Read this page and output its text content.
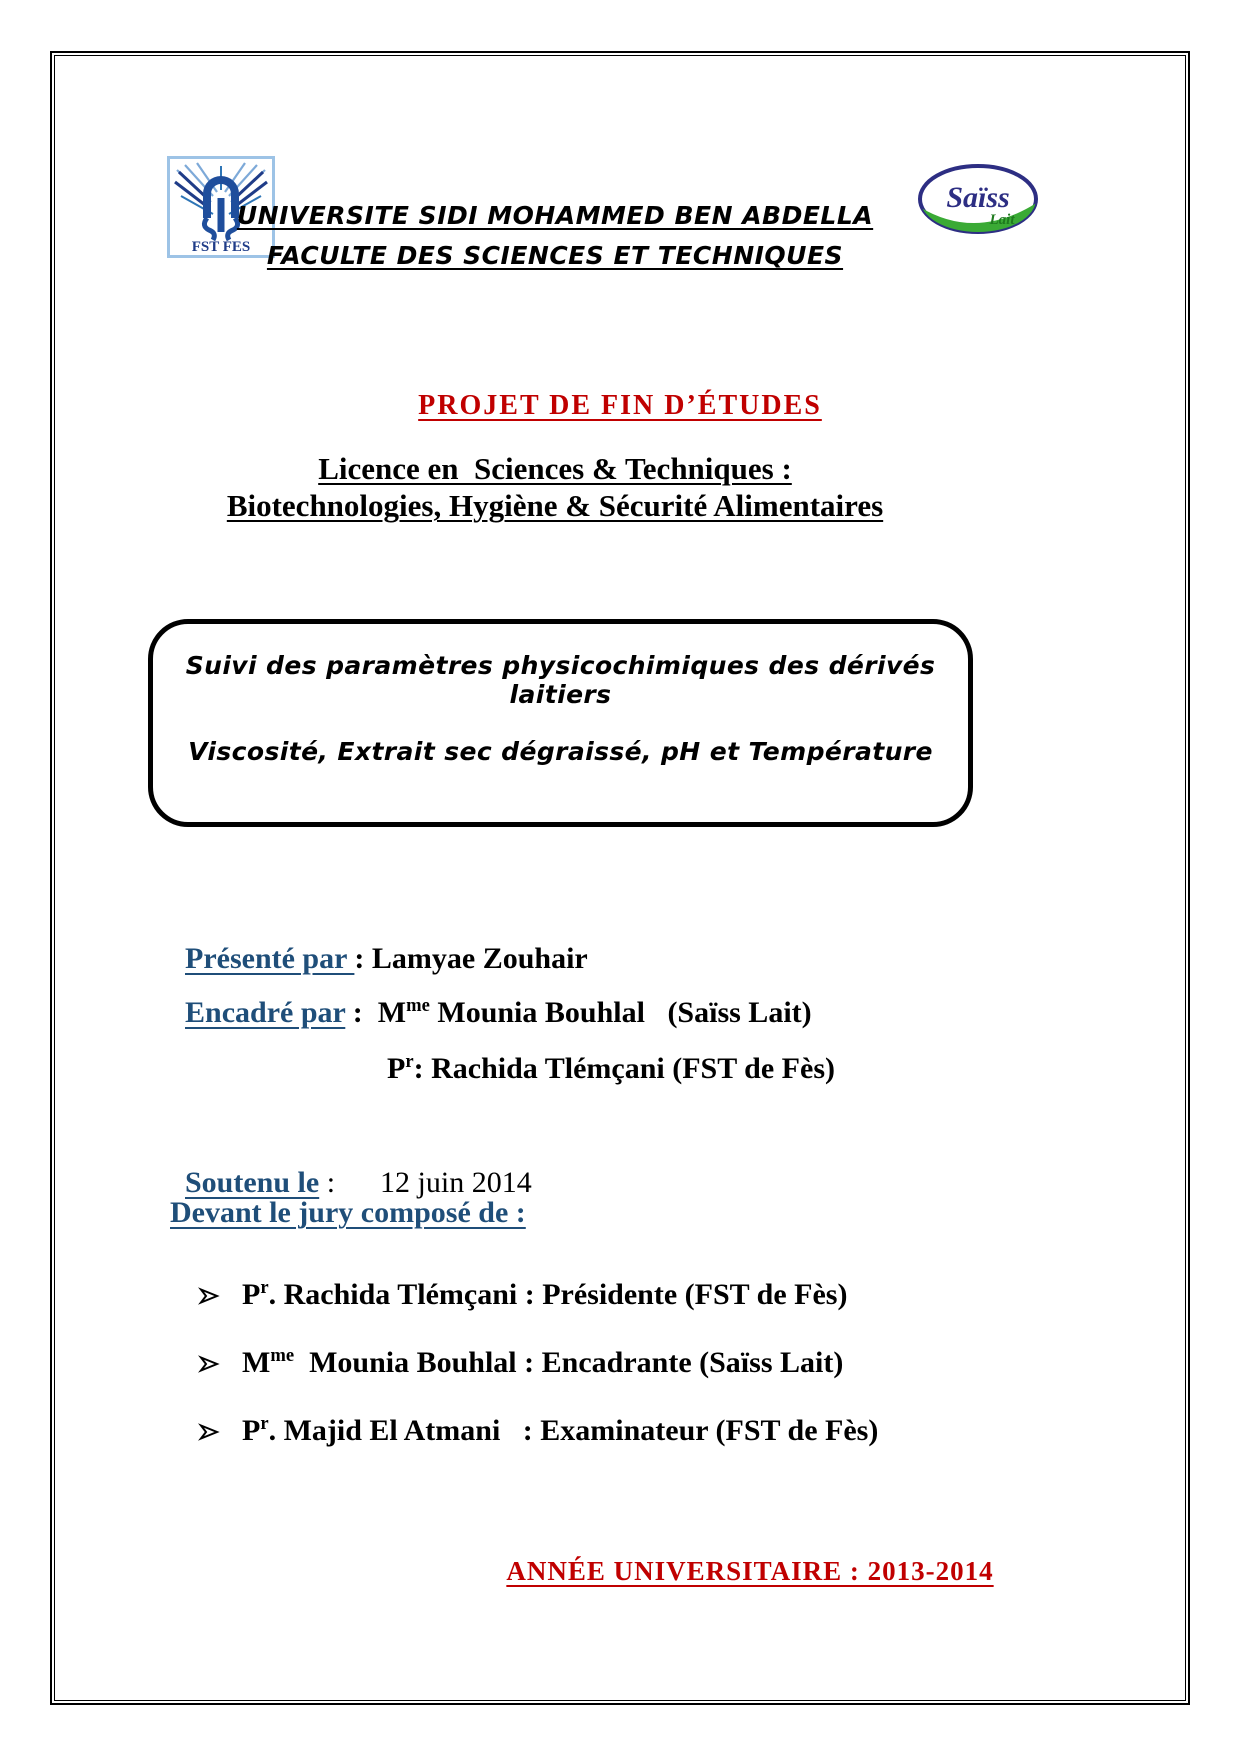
FST FES
UNIVERSITE SIDI MOHAMMED BEN ABDELLA
FACULTE DES SCIENCES ET TECHNIQUES
Saïss
Lait
PROJET DE FIN D’ÉTUDES
Licence en  Sciences & Techniques :
Biotechnologies, Hygiène & Sécurité Alimentaires
Suivi des paramètres physicochimiques des dérivés laitiers
Viscosité, Extrait sec dégraissé, pH et Température

Présenté par : Lamyae Zouhair

Encadré par :  $M^{me}$ Mounia Bouhlal   (Saïss Lait)

$P^r$: Rachida Tlémçani (FST de Fès)

Soutenu le :      12 juin 2014

Devant le jury composé de :
$P^r$. Rachida Tlémçani : Présidente (FST de Fès)
$M^{me}$  Mounia Bouhlal : Encadrante (Saïss Lait)
$P^r$. Majid El Atmani   : Examinateur (FST de Fès)
ANNÉE UNIVERSITAIRE : 2013-2014
